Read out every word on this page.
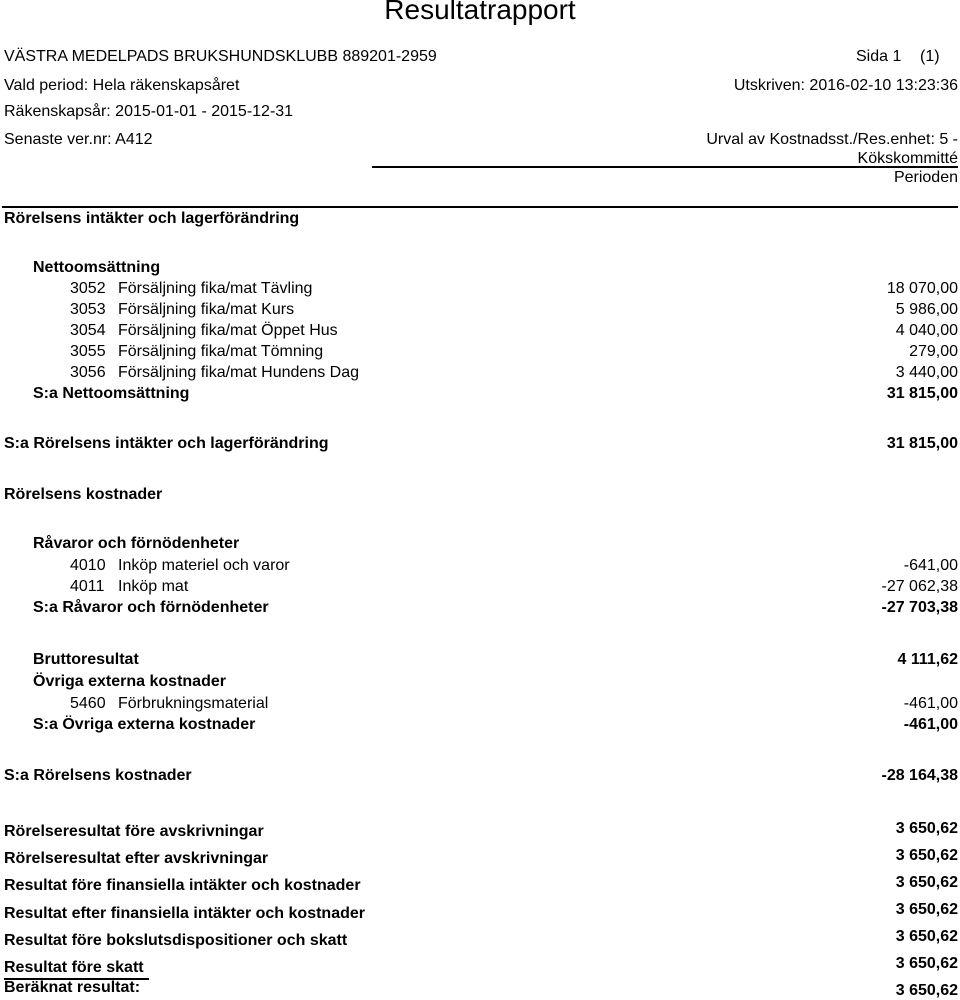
Resultatrapport
VÄSTRA MEDELPADS BRUKSHUNDSKLUBB 889201-2959	Sida 1 (1)
Vald period: Hela räkenskapsåret	Utskriven: 2016-02-10 13:23:36
Räkenskapsår: 2015-01-01 - 2015-12-31
Senaste ver.nr: A412	Urval av Kostnadsst./Res.enhet: 5 -
Kökskommitté
Perioden
Rörelsens intäkter och lagerförändring
Nettoomsättning
3052 Försäljning fika/mat Tävling	18 070,00
3053 Försäljning fika/mat Kurs	5 986,00
3054 Försäljning fika/mat Öppet Hus	4 040,00
3055 Försäljning fika/mat Tömning	279,00
3056 Försäljning fika/mat Hundens Dag	3 440,00
S:a Nettoomsättning	31 815,00
S:a Rörelsens intäkter och lagerförändring	31 815,00
Rörelsens kostnader
Råvaror och förnödenheter
4010 Inköp materiel och varor	-641,00
4011 Inköp mat	-27 062,38
S:a Råvaror och förnödenheter	-27 703,38
Bruttoresultat	4 111,62
Övriga externa kostnader
5460 Förbrukningsmaterial	-461,00
S:a Övriga externa kostnader	-461,00
S:a Rörelsens kostnader	-28 164,38
Rörelseresultat före avskrivningar	3 650,62
Rörelseresultat efter avskrivningar	3 650,62
Resultat före finansiella intäkter och kostnader	3 650,62
Resultat efter finansiella intäkter och kostnader	3 650,62
Resultat före bokslutsdispositioner och skatt	3 650,62
Resultat före skatt	3 650,62
Beräknat resultat:	3 650,62
